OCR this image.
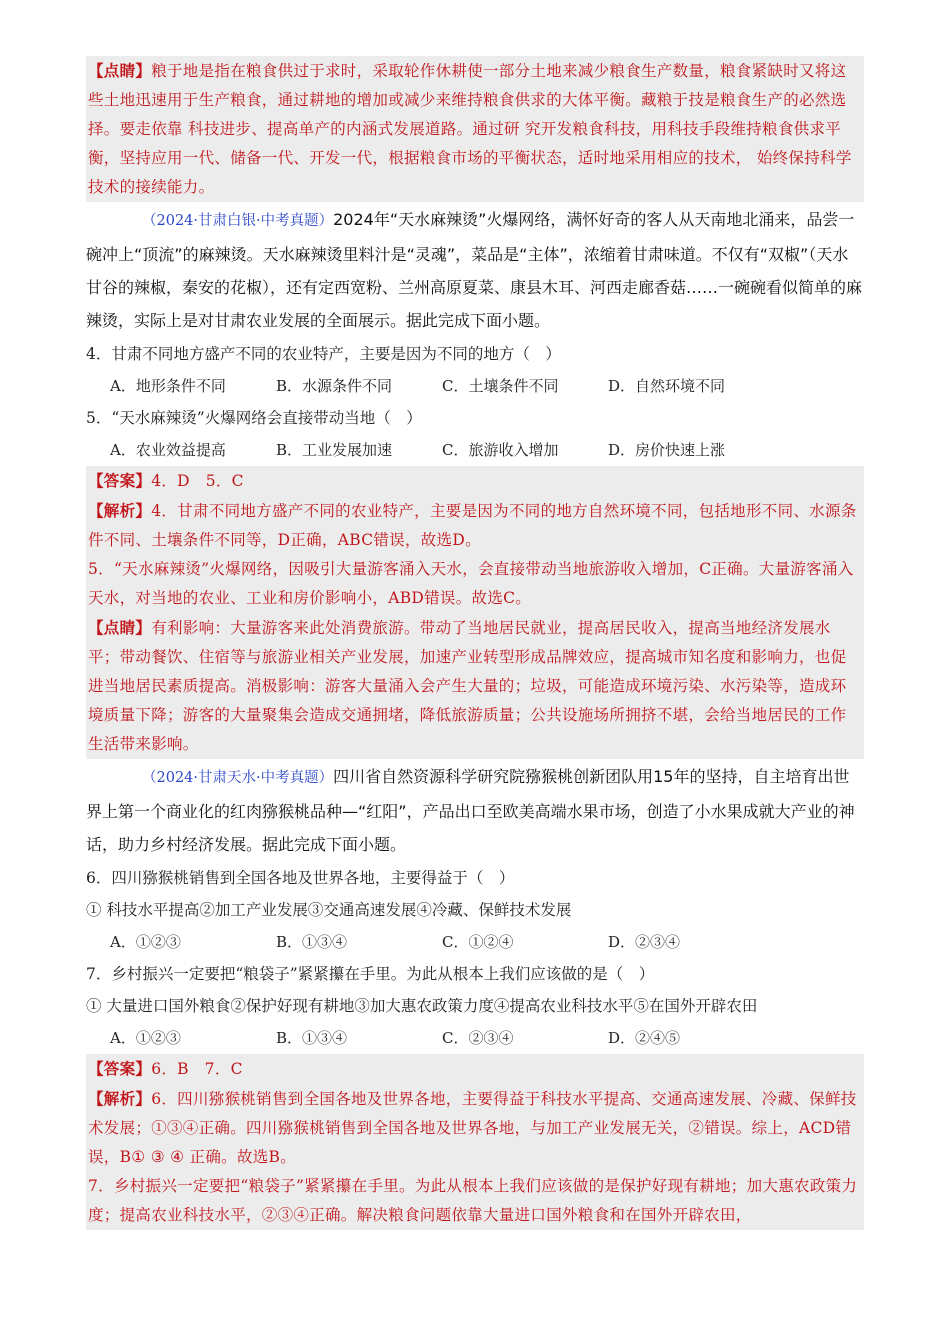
【点睛】粮于地是指在粮食供过于求时，采取轮作休耕使一部分土地来减少粮食生产数量，粮食紧缺时又将这些土地迅速用于生产粮食，通过耕地的增加或减少来维持粮食供求的大体平衡。藏粮于技是粮食生产的必然选择。要走依靠 科技进步、提高单产的内涵式发展道路。通过研 究开发粮食科技，用科技手段维持粮食供求平 衡，坚持应用一代、储备一代、开发一代，根据粮食市场的平衡状态，适时地采用相应的技术， 始终保持科学技术的接续能力。

（2024·甘肃白银·中考真题）2024年“天水麻辣烫”火爆网络，满怀好奇的客人从天南地北涌来，品尝一碗冲上“顶流”的麻辣烫。天水麻辣烫里料汁是“灵魂”，菜品是“主体”，浓缩着甘肃味道。不仅有“双椒”（天水甘谷的辣椒，秦安的花椒），还有定西宽粉、兰州高原夏菜、康县木耳、河西走廊香菇……一碗碗看似简单的麻辣烫，实际上是对甘肃农业发展的全面展示。据此完成下面小题。

4．甘肃不同地方盛产不同的农业特产，主要是因为不同的地方（　）

A．地形条件不同	B．水源条件不同	C．土壤条件不同	D．自然环境不同

5．“天水麻辣烫”火爆网络会直接带动当地（　）

A．农业效益提高	B．工业发展加速	C．旅游收入增加	D．房价快速上涨
【答案】4．D　5．C
【解析】4．甘肃不同地方盛产不同的农业特产，主要是因为不同的地方自然环境不同，包括地形不同、水源条件不同、土壤条件不同等，D正确，ABC错误，故选D。
5．“天水麻辣烫”火爆网络，因吸引大量游客涌入天水，会直接带动当地旅游收入增加，C正确。大量游客涌入天水，对当地的农业、工业和房价影响小，ABD错误。故选C。
【点睛】有利影响：大量游客来此处消费旅游。带动了当地居民就业，提高居民收入，提高当地经济发展水平；带动餐饮、住宿等与旅游业相关产业发展，加速产业转型形成品牌效应，提高城市知名度和影响力，也促进当地居民素质提高。消极影响：游客大量涌入会产生大量的；垃圾，可能造成环境污染、水污染等，造成环境质量下降；游客的大量聚集会造成交通拥堵，降低旅游质量；公共设施场所拥挤不堪，会给当地居民的工作生活带来影响。

（2024·甘肃天水·中考真题）四川省自然资源科学研究院猕猴桃创新团队用15年的坚持，自主培育出世界上第一个商业化的红肉猕猴桃品种—“红阳”，产品出口至欧美高端水果市场，创造了小水果成就大产业的神话，助力乡村经济发展。据此完成下面小题。

6．四川猕猴桃销售到全国各地及世界各地，主要得益于（　）

① 科技水平提高②加工产业发展③交通高速发展④冷藏、保鲜技术发展

A．①②③	B．①③④	C．①②④	D．②③④

7．乡村振兴一定要把“粮袋子”紧紧攥在手里。为此从根本上我们应该做的是（　）

① 大量进口国外粮食②保护好现有耕地③加大惠农政策力度④提高农业科技水平⑤在国外开辟农田

A．①②③	B．①③④	C．②③④	D．②④⑤
【答案】6．B　7．C
【解析】6．四川猕猴桃销售到全国各地及世界各地，主要得益于科技水平提高、交通高速发展、冷藏、保鲜技术发展；①③④正确。四川猕猴桃销售到全国各地及世界各地，与加工产业发展无关，②错误。综上，ACD错误，B① ③ ④ 正确。故选B。
7．乡村振兴一定要把“粮袋子”紧紧攥在手里。为此从根本上我们应该做的是保护好现有耕地；加大惠农政策力度；提高农业科技水平，②③④正确。解决粮食问题依靠大量进口国外粮食和在国外开辟农田，
